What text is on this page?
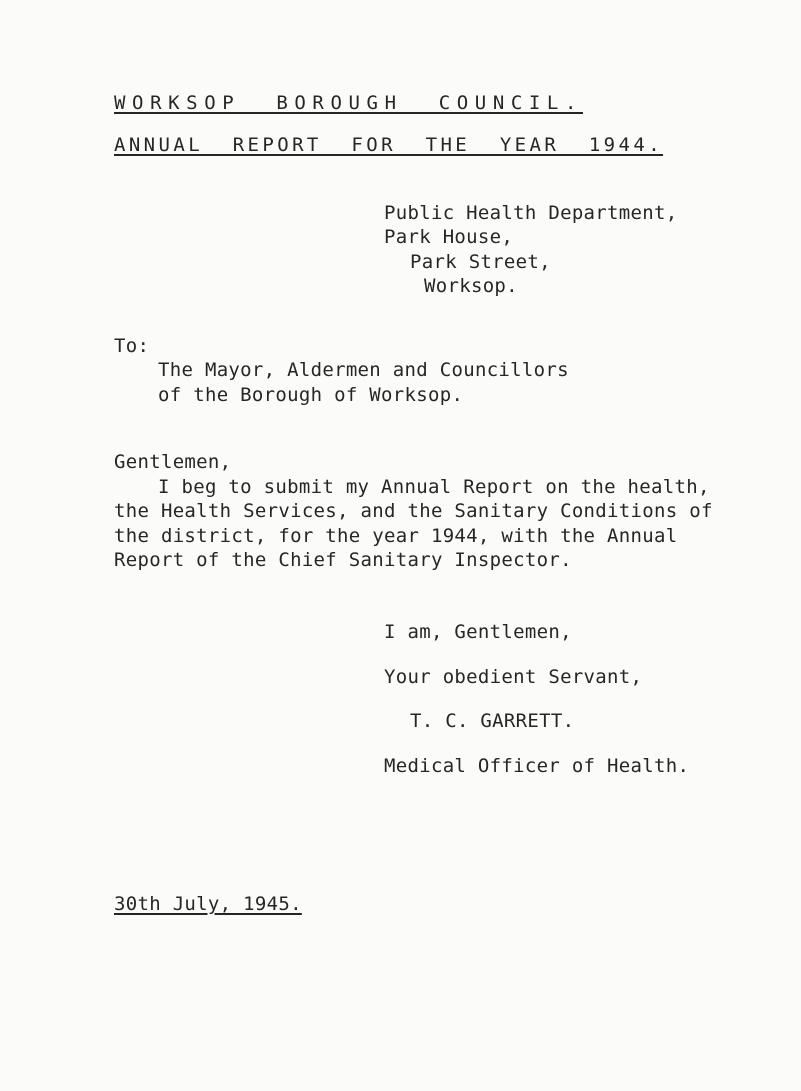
WORKSOP  BOROUGH  COUNCIL.
ANNUAL  REPORT  FOR  THE  YEAR  1944.
Public Health Department,
Park House,
Park Street,
Worksop.
To:
The Mayor, Aldermen and Councillors
of the Borough of Worksop.
Gentlemen,
I beg to submit my Annual Report on the health,
the Health Services, and the Sanitary Conditions of
the district, for the year 1944, with the Annual
Report of the Chief Sanitary Inspector.
I am, Gentlemen,
Your obedient Servant,
T. C. GARRETT.
Medical Officer of Health.
30th July, 1945.
